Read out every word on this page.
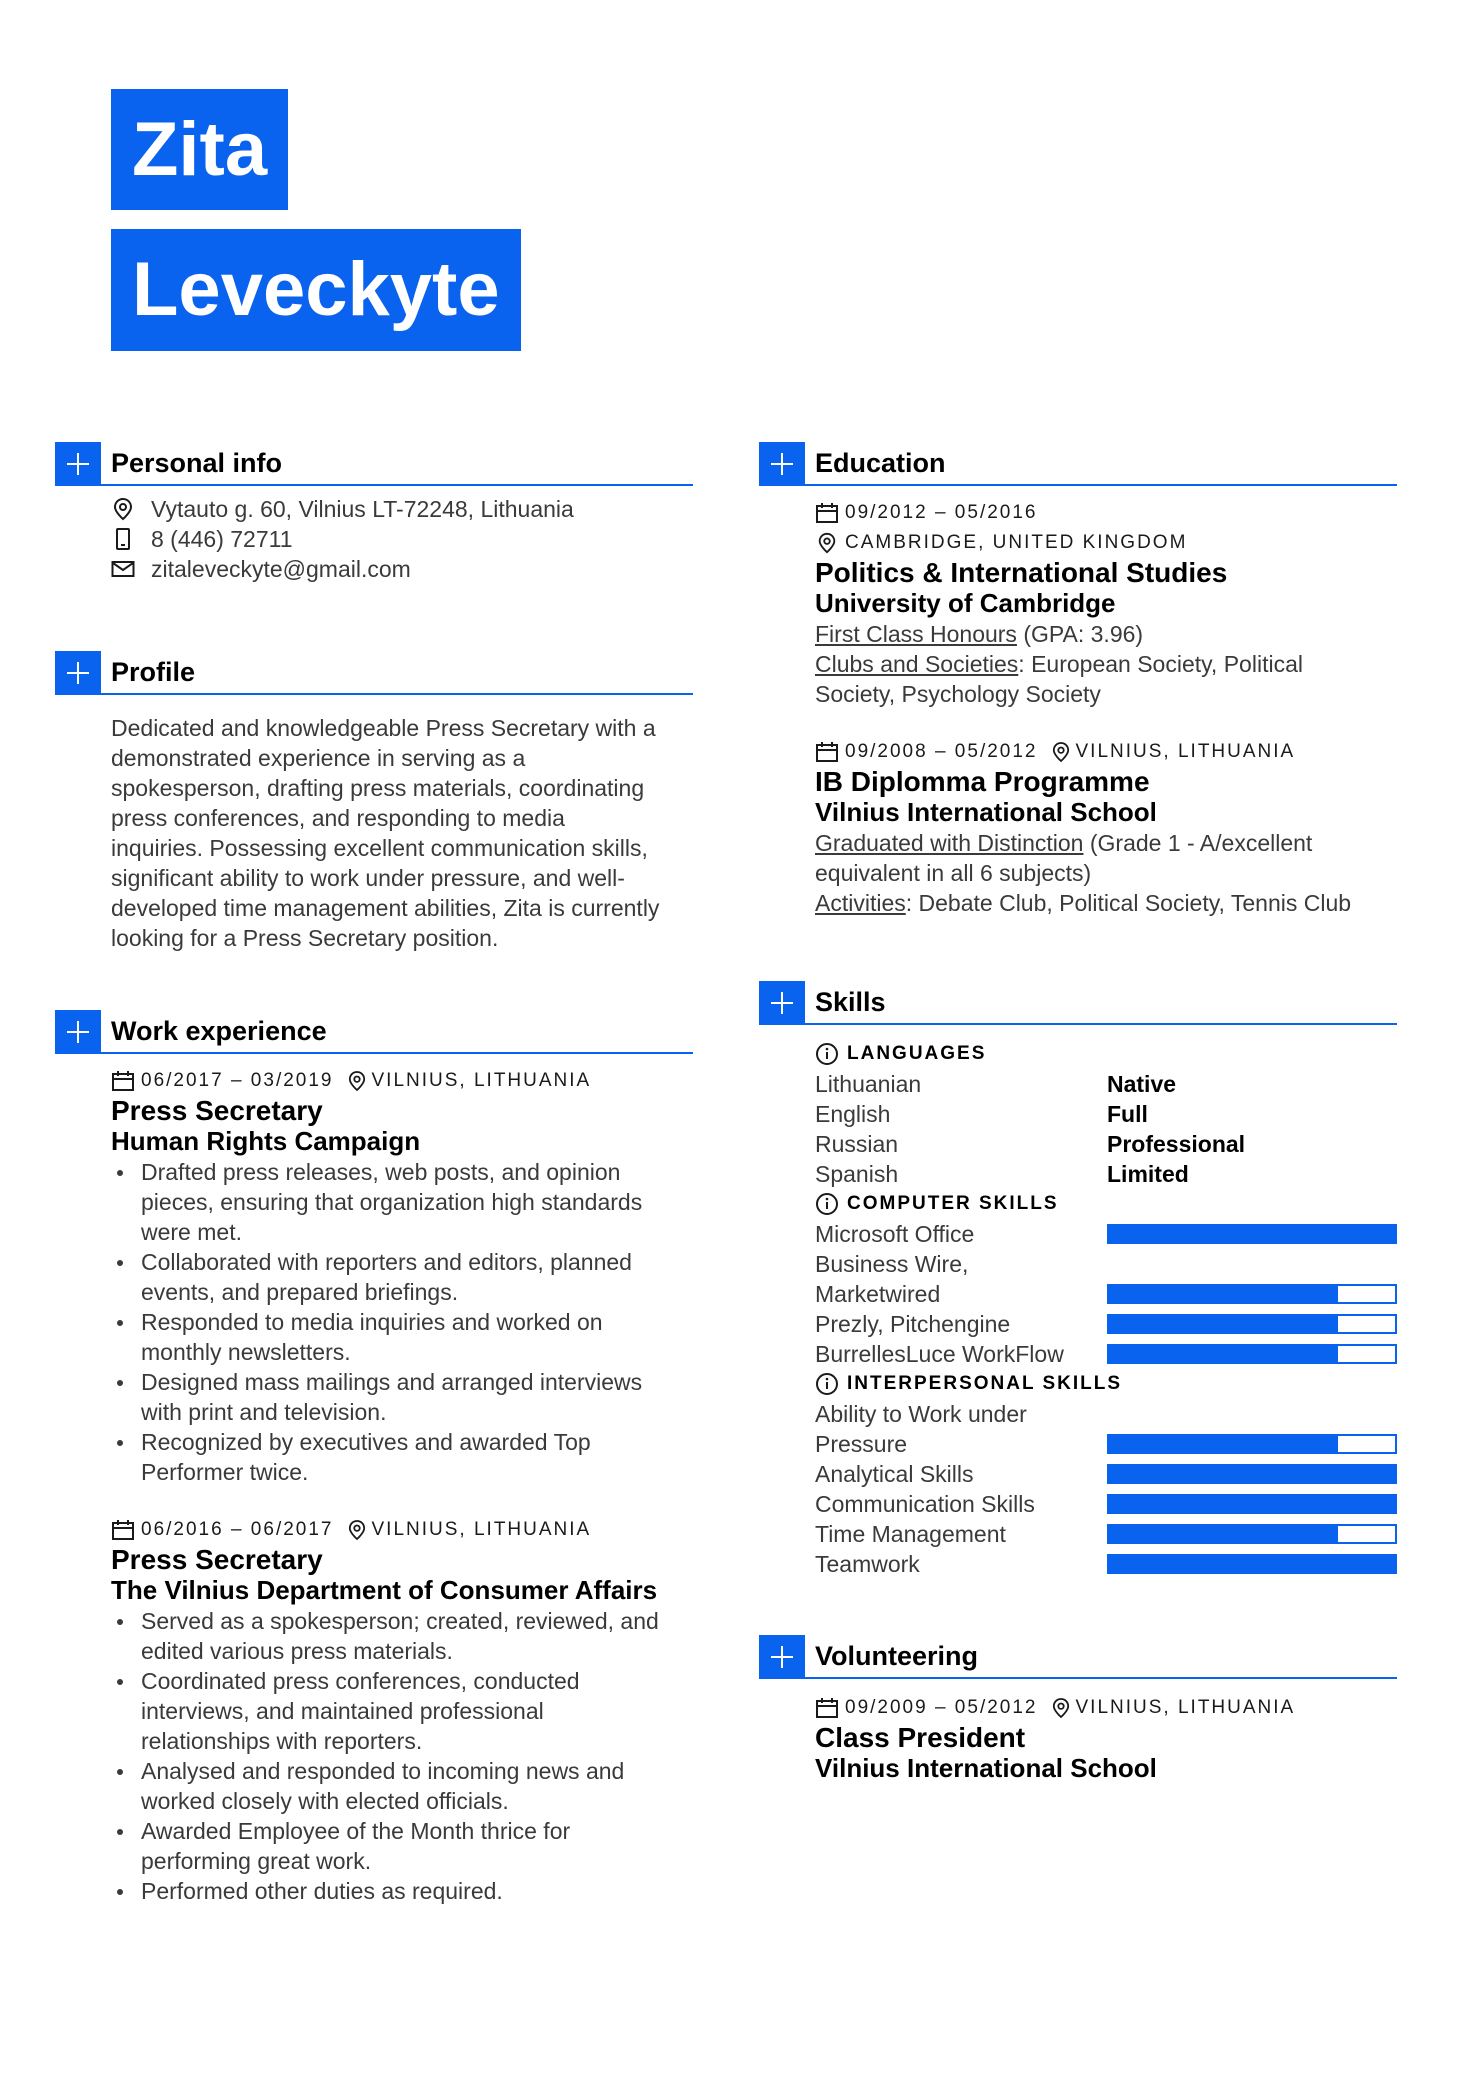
Zita
Leveckyte
Personal info
Vytauto g. 60, Vilnius LT-72248, Lithuania
8 (446) 72711
zitaleveckyte@gmail.com
Profile
Dedicated and knowledgeable Press Secretary with a
demonstrated experience in serving as a
spokesperson, drafting press materials, coordinating
press conferences, and responding to media
inquiries. Possessing excellent communication skills,
significant ability to work under pressure, and well-
developed time management abilities, Zita is currently
looking for a Press Secretary position.
Work experience
06/2017 – 03/2019 VILNIUS, LITHUANIA
Press Secretary
Human Rights Campaign
Drafted press releases, web posts, and opinion
pieces, ensuring that organization high standards
were met.
Collaborated with reporters and editors, planned
events, and prepared briefings.
Responded to media inquiries and worked on
monthly newsletters.
Designed mass mailings and arranged interviews
with print and television.
Recognized by executives and awarded Top
Performer twice.
06/2016 – 06/2017 VILNIUS, LITHUANIA
Press Secretary
The Vilnius Department of Consumer Affairs
Served as a spokesperson; created, reviewed, and
edited various press materials.
Coordinated press conferences, conducted
interviews, and maintained professional
relationships with reporters.
Analysed and responded to incoming news and
worked closely with elected officials.
Awarded Employee of the Month thrice for
performing great work.
Performed other duties as required.
Education
09/2012 – 05/2016
CAMBRIDGE, UNITED KINGDOM
Politics & International Studies
University of Cambridge
First Class Honours (GPA: 3.96)
Clubs and Societies: European Society, Political
Society, Psychology Society
09/2008 – 05/2012 VILNIUS, LITHUANIA
IB Diplomma Programme
Vilnius International School
Graduated with Distinction (Grade 1 - A/excellent
equivalent in all 6 subjects)
Activities: Debate Club, Political Society, Tennis Club
Skills
LANGUAGES
Lithuanian	Native
English	Full
Russian	Professional
Spanish	Limited
COMPUTER SKILLS
Microsoft Office
Business Wire,
Marketwired
Prezly, Pitchengine
BurrellesLuce WorkFlow
INTERPERSONAL SKILLS
Ability to Work under
Pressure
Analytical Skills
Communication Skills
Time Management
Teamwork
Volunteering
09/2009 – 05/2012 VILNIUS, LITHUANIA
Class President
Vilnius International School
